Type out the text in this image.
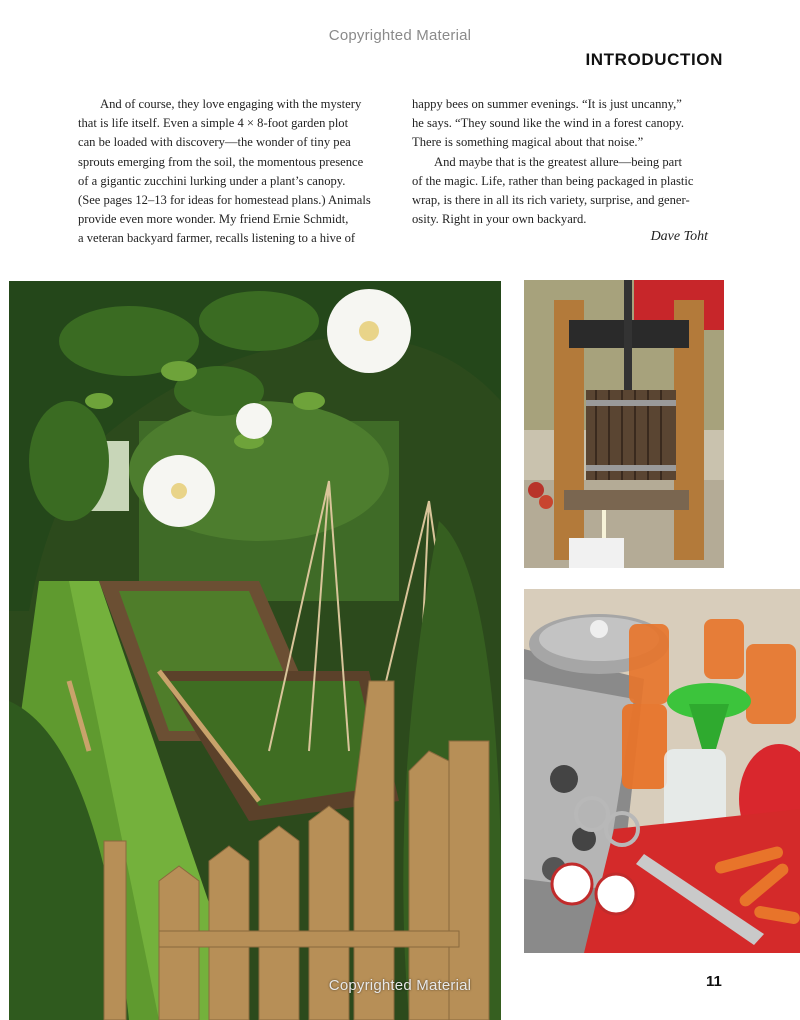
Copyrighted Material
INTRODUCTION
And of course, they love engaging with the mystery
that is life itself. Even a simple 4 × 8-foot garden plot
can be loaded with discovery—the wonder of tiny pea
sprouts emerging from the soil, the momentous presence
of a gigantic zucchini lurking under a plant’s canopy.
(See pages 12–13 for ideas for homestead plans.) Animals
provide even more wonder. My friend Ernie Schmidt,
a veteran backyard farmer, recalls listening to a hive of
happy bees on summer evenings. “It is just uncanny,”
he says. “They sound like the wind in a forest canopy.
There is something magical about that noise.”
And maybe that is the greatest allure—being part
of the magic. Life, rather than being packaged in plastic
wrap, is there in all its rich variety, surprise, and gener-
osity. Right in your own backyard.
Dave Toht
Copyrighted Material	11
